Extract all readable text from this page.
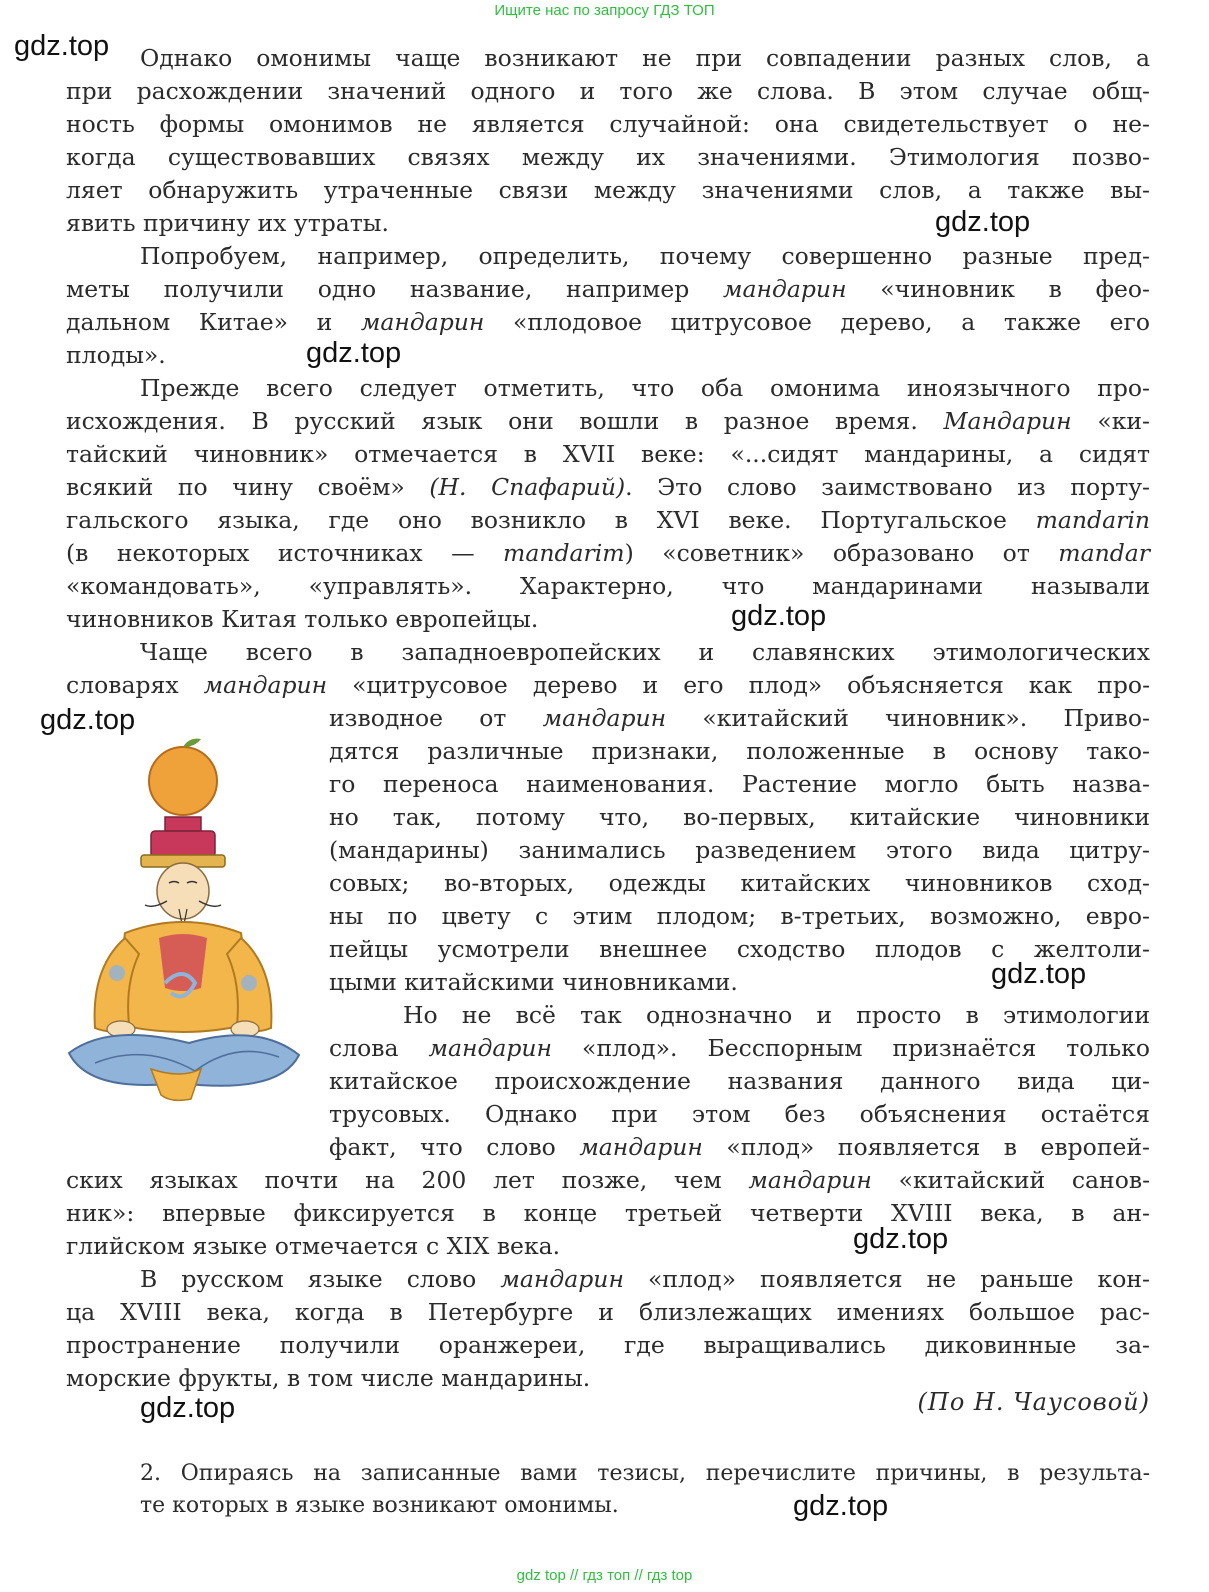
Ищите нас по запросу ГДЗ ТОП
gdz.top
gdz.top
gdz.top
gdz.top
gdz.top
gdz.top
gdz.top
gdz.top
gdz.top
Однако омонимы чаще возникают не при совпадении разных слов, а
при расхождении значений одного и того же слова. В этом случае общ-
ность формы омонимов не является случайной: она свидетельствует о не-
когда существовавших связях между их значениями. Этимология позво-
ляет обнаружить утраченные связи между значениями слов, а также вы-
явить причину их утраты.
Попробуем, например, определить, почему совершенно разные пред-
меты получили одно название, например мандарин «чиновник в фео-
дальном Китае» и мандарин «плодовое цитрусовое дерево, а также его
плоды».
Прежде всего следует отметить, что оба омонима иноязычного про-
исхождения. В русский язык они вошли в разное время. Мандарин «ки-
тайский чиновник» отмечается в XVII веке: «...сидят мандарины, а сидят
всякий по чину своём» (Н. Спафарий). Это слово заимствовано из порту-
гальского языка, где оно возникло в XVI веке. Португальское mandarin
(в некоторых источниках — mandarim) «советник» образовано от mandar
«командовать», «управлять». Характерно, что мандаринами называли
чиновников Китая только европейцы.
Чаще всего в западноевропейских и славянских этимологических
словарях мандарин «цитрусовое дерево и его плод» объясняется как про-
изводное от мандарин «китайский чиновник». Приво-
дятся различные признаки, положенные в основу тако-
го переноса наименования. Растение могло быть назва-
но так, потому что, во-первых, китайские чиновники
(мандарины) занимались разведением этого вида цитру-
совых; во-вторых, одежды китайских чиновников сход-
ны по цвету с этим плодом; в-третьих, возможно, евро-
пейцы усмотрели внешнее сходство плодов с желтоли-
цыми китайскими чиновниками.
Но не всё так однозначно и просто в этимологии
слова мандарин «плод». Бесспорным признаётся только
китайское происхождение названия данного вида ци-
трусовых. Однако при этом без объяснения остаётся
факт, что слово мандарин «плод» появляется в европей-
ских языках почти на 200 лет позже, чем мандарин «китайский санов-
ник»: впервые фиксируется в конце третьей четверти XVIII века, в ан-
глийском языке отмечается с XIX века.
В русском языке слово мандарин «плод» появляется не раньше кон-
ца XVIII века, когда в Петербурге и близлежащих имениях большое рас-
пространение получили оранжереи, где выращивались диковинные за-
морские фрукты, в том числе мандарины.
(По Н. Чаусовой)
2. Опираясь на записанные вами тезисы, перечислите причины, в результа-
те которых в языке возникают омонимы.
gdz top // гдз топ // гдз top
